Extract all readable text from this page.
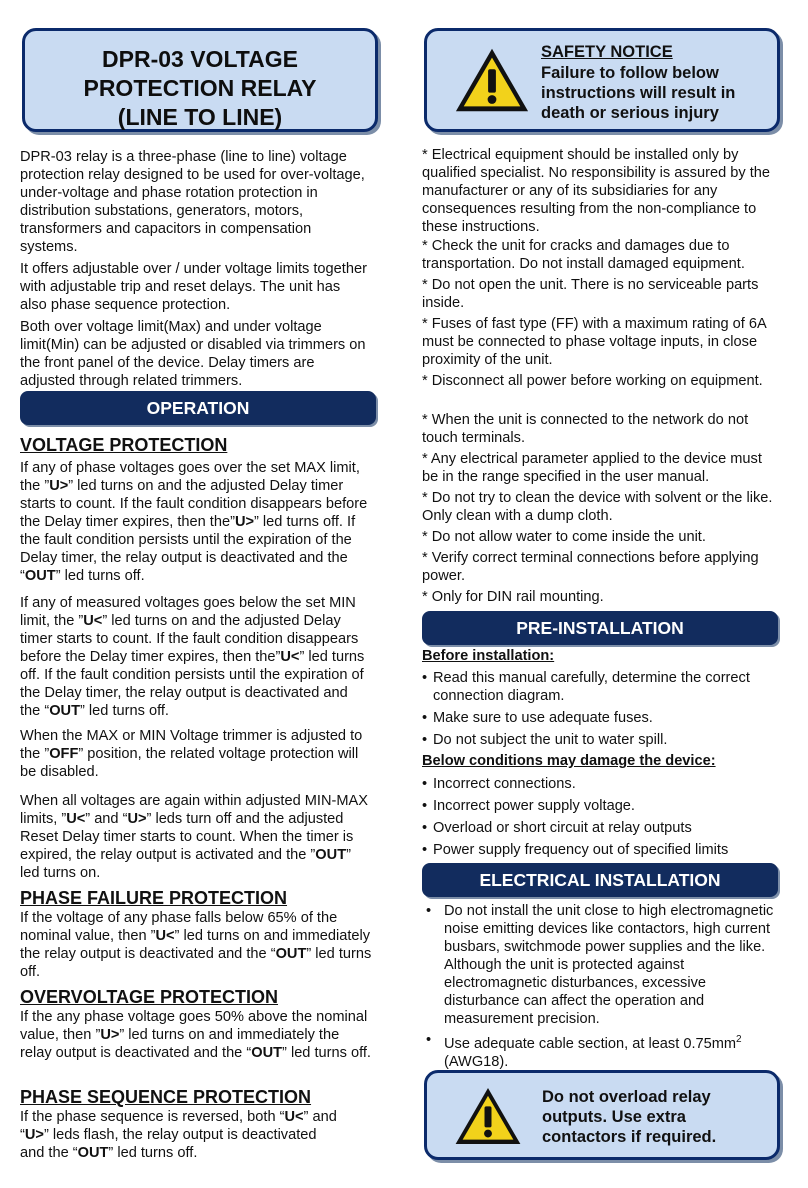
DPR-03 VOLTAGE
PROTECTION RELAY
(LINE TO LINE)

DPR-03 relay is a three-phase (line to line) voltage protection relay designed to be used for over-voltage, under-voltage and phase rotation protection in distribution substations, generators, motors, transformers and capacitors in compensation systems.

It offers adjustable over / under voltage limits together with adjustable trip and reset delays. The unit has also phase sequence protection.

Both over voltage limit(Max) and under voltage limit(Min) can be adjusted or disabled via trimmers on the front panel of the device. Delay timers are adjusted through related trimmers.

OPERATION
VOLTAGE PROTECTION

If any of phase voltages goes over the set MAX limit, the ”U>” led turns on and the adjusted Delay timer starts to count. If the fault condition disappears before the Delay timer expires, then the”U>” led turns off. If the fault condition persists until the expiration of the Delay timer, the relay output is deactivated and the “OUT” led turns off.

If any of measured voltages goes below the set MIN limit, the ”U<” led turns on and the adjusted Delay timer starts to count. If the fault condition disappears before the Delay timer expires, then the”U<” led turns off. If the fault condition persists until the expiration of the Delay timer, the relay output is deactivated and the “OUT” led turns off.

When the MAX or MIN Voltage trimmer is adjusted to the ”OFF” position, the related voltage protection will be disabled.

When all voltages are again within adjusted MIN-MAX limits, ”U<” and “U>” leds turn off and the adjusted Reset Delay timer starts to count. When the timer is expired, the relay output is activated and the ”OUT” led turns on.

PHASE FAILURE PROTECTION

If the voltage of any phase falls below 65% of the nominal value, then ”U<” led turns on and immediately the relay output is deactivated and the “OUT” led turns off.

OVERVOLTAGE PROTECTION

If the any phase voltage goes 50% above the nominal value, then ”U>” led turns on and immediately the relay output is deactivated and the “OUT” led turns off.

PHASE SEQUENCE PROTECTION

If the phase sequence is reversed, both “U<” and
“U>” leds flash, the relay output is deactivated
and the “OUT” led turns off.

SAFETY NOTICE
Failure to follow below instructions will result in death or serious injury

* Electrical equipment should be installed only by qualified specialist. No responsibility is assured by the manufacturer or any of its subsidiaries for any consequences resulting from the non-compliance to these instructions.

* Check the unit for cracks and damages due to transportation. Do not install damaged equipment.

* Do not open the unit. There is no serviceable parts inside.

* Fuses of fast type (FF) with a maximum rating of 6A must be connected to phase voltage inputs, in close proximity of the unit.

* Disconnect all power before working on equipment.

* When the unit is connected to the network do not touch terminals.

* Any electrical parameter applied to the device must be in the range specified in the user manual.

* Do not try to clean the device with solvent or the like. Only clean with a dump cloth.

* Do not allow water to come inside the unit.

* Verify correct terminal connections before applying power.

* Only for DIN rail mounting.

PRE-INSTALLATION
Before installation:
• Read this manual carefully, determine the correct connection diagram.
• Make sure to use adequate fuses.
• Do not subject the unit to water spill.
Below conditions may damage the device:
• Incorrect connections.
• Incorrect power supply voltage.
• Overload or short circuit at relay outputs
• Power supply frequency out of specified limits
ELECTRICAL INSTALLATION
• Do not install the unit close to high electromagnetic noise emitting devices like contactors, high current busbars, switchmode power supplies and the like. Although the unit is protected against electromagnetic disturbances, excessive disturbance can affect the operation and measurement precision.
• Use adequate cable section, at least $0.75mm^2$ (AWG18).
Do not overload relay outputs. Use extra contactors if required.
